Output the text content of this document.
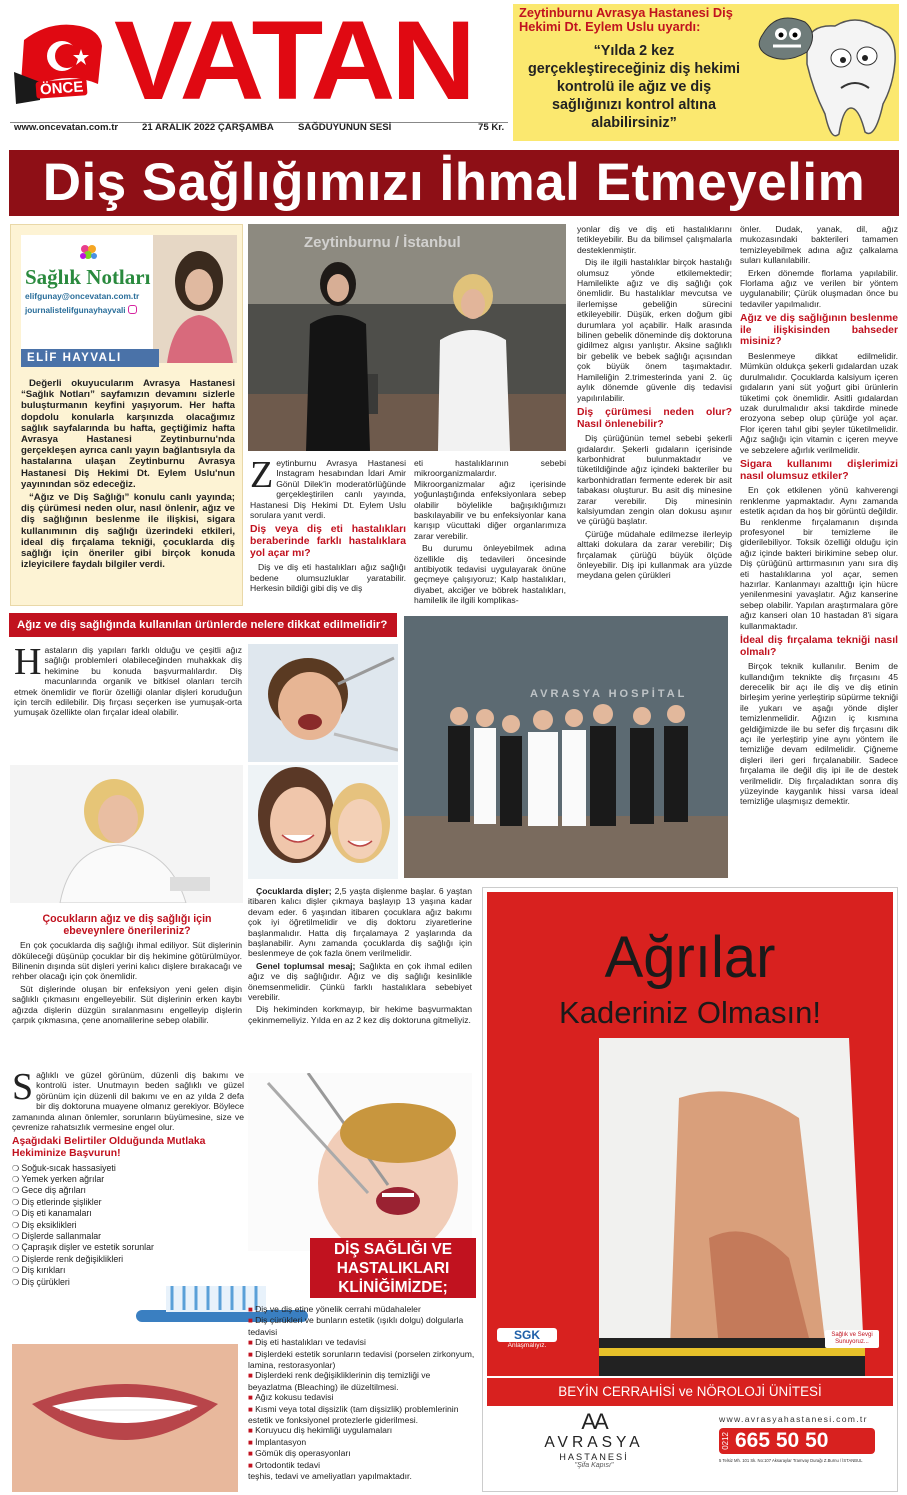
ÖNCE VATAN
www.oncevatan.com.tr 21 ARALIK 2022 ÇARŞAMBA	SAĞDUYUNUN SESİ	75 Kr.
Zeytinburnu Avrasya Hastanesi Diş Hekimi Dt. Eylem Uslu uyardı:
“Yılda 2 kez gerçekleştireceğiniz diş hekimi kontrolü ile ağız ve diş sağlığınızı kontrol altına alabilirsiniz”
Diş Sağlığımızı İhmal Etmeyelim
Sağlık Notları
elifgunay@oncevatan.com.tr
journalistelifgunayhayvali
ELİF HAYVALI

Değerli okuyucularım Avrasya Hastanesi “Sağlık Notları” sayfamızın devamını sizlerle buluşturmanın keyfini yaşıyorum. Her hafta dopdolu konularla karşınızda olacağımız sağlık sayfalarında bu hafta, geçtiğimiz hafta Avrasya Hastanesi Zeytinburnu'nda gerçekleşen ayrıca canlı yayın bağlantısıyla da hastalarına ulaşan Zeytinburnu Avrasya Hastanesi Diş Hekimi Dt. Eylem Uslu'nun yayınından söz edeceğiz.

“Ağız ve Diş Sağlığı” konulu canlı yayında; diş çürümesi neden olur, nasıl önlenir, ağız ve diş sağlığının beslenme ile ilişkisi, sigara kullanımının diş sağlığı üzerindeki etkileri, ideal diş fırçalama tekniği, çocuklarda diş sağlığı için öneriler gibi birçok konuda izleyicilere faydalı bilgiler verdi.

Zeytinburnu / İstanbul
Z eytinburnu Avrasya Hastanesi Instagram hesabından İdari Amir Gönül Dilek'in moderatörlüğünde gerçekleştirilen canlı yayında, Hastanesi Diş Hekimi Dt. Eylem Uslu sorulara yanıt verdi.

Diş veya diş eti hastalıkları beraberinde farklı hastalıklara yol açar mı?

Diş ve diş eti hastalıkları ağız sağlığı bedene olumsuzluklar yaratabilir. Herkesin bildiği gibi diş ve diş

eti hastalıklarının sebebi mikroorganizmalardır. Mikroorganizmalar ağız içerisinde yoğunlaştığında enfeksiyonlara sebep olabilir böylelikle bağışıklığımızı baskılayabilir ve bu enfeksiyonlar kana karışıp vücuttaki diğer organlarımıza zarar verebilir.

Bu durumu önleyebilmek adına özellikle diş tedavileri öncesinde antibiyotik tedavisi uygulayarak önüne geçmeye çalışıyoruz; Kalp hastalıkları, diyabet, akciğer ve böbrek hastalıkları, hamilelik ile ilgili komplikas-

yonlar diş ve diş eti hastalıklarını tetikleyebilir. Bu da bilimsel çalışmalarla desteklenmiştir.

Diş ile ilgili hastalıklar birçok hastalığı olumsuz yönde etkilemektedir; Hamilelikte ağız ve diş sağlığı çok önemlidir. Bu hastalıklar mevcutsa ve ilerlemişse gebeliğin sürecini etkileyebilir. Düşük, erken doğum gibi durumlara yol açabilir. Halk arasında bilinen gebelik döneminde diş doktoruna gidilmez algısı yanlıştır. Aksine sağlıklı bir gebelik ve bebek sağlığı açısından çok büyük önem taşımaktadır. Hamileliğin 2.trimesterinda yani 2. üç aylık dönemde güvenle diş tedavisi yapılırılabilir.

Diş çürümesi neden olur? Nasıl önlenebilir?

Diş çürüğünün temel sebebi şekerli gıdalardır. Şekerli gıdaların içerisinde karbonhidrat bulunmaktadır ve tüketildiğinde ağız içindeki bakteriler bu karbonhidratları fermente ederek bir asit tabakası oluşturur. Bu asit diş minesine zarar verebilir. Diş minesinin kalsiyumdan zengin olan dokusu aşınır ve çürüğü başlatır.

Çürüğe müdahale edilmezse ilerleyip alttaki dokulara da zarar verebilir; Diş fırçalamak çürüğü büyük ölçüde önleyebilir. Diş ipi kullanmak ara yüzde meydana gelen çürükleri

önler. Dudak, yanak, dil, ağız mukozasındaki bakterileri tamamen temizleyebilmek adına ağız çalkalama suları kullanılabilir.

Erken dönemde florlama yapılabilir. Florlama ağız ve verilen bir yöntem uygulanabilir; Çürük oluşmadan önce bu tedaviler yapılmalıdır.

Ağız ve diş sağlığının beslenme ile ilişkisinden bahseder misiniz?

Beslenmeye dikkat edilmelidir. Mümkün oldukça şekerli gıdalardan uzak durulmalıdır. Çocuklarda kalsiyum içeren gıdaların yani süt yoğurt gibi ürünlerin tüketimi çok önemlidir. Asitli gıdalardan uzak durulmalıdır aksi takdirde minede erozyona sebep olup çürüğe yol açar. Flor içeren tahıl gibi şeyler tüketilmelidir. Ağız sağlığı için vitamin c içeren meyve ve sebzelere ağırlık verilmelidir.

Sigara kullanımı dişlerimizi nasıl olumsuz etkiler?

En çok etkilenen yönü kahverengi renklenme yapmaktadır. Aynı zamanda estetik açıdan da hoş bir görüntü değildir. Bu renklenme fırçalamanın dışında profesyonel bir temizleme ile giderilebiliyor. Toksik özelliği olduğu için ağız içinde bakteri birikimine sebep olur. Diş çürüğünü arttırmasının yanı sıra diş eti hastalıklarına yol açar, semen hazırlar. Kanlanmayı azalttığı için hücre yenilenmesini yavaşlatır. Ağız kanserine sebep olabilir. Yapılan araştırmalara göre ağız kanseri olan 10 hastadan 8'i sigara kullanmaktadır.

İdeal diş fırçalama tekniği nasıl olmalı?

Birçok teknik kullanılır. Benim de kullandığım teknikte diş fırçasını 45 derecelik bir açı ile diş ve diş etinin birleşim yerine yerleştirip süpürme tekniği ile yukarı ve aşağı yönde dişler temizlenmelidir. Ağızın iç kısmına geldiğimizde ile bu sefer diş fırçasını dik açı ile yerleştirip yine aynı yöntem ile temizliğe devam edilmelidir. Çiğneme dişleri ileri geri fırçalanabilir. Sadece fırçalama ile değil diş ipi ile de destek verilmelidir. Diş fırçaladıktan sonra diş yüzeyinde kayganlık hissi varsa ideal temizliğe ulaşmışız demektir.

Ağız ve diş sağlığında kullanılan ürünlerde nelere dikkat edilmelidir?
H astaların diş yapıları farklı olduğu ve çeşitli ağız sağlığı problemleri olabileceğinden muhakkak diş hekimine bu konuda başvurmalılardır. Diş macunlarında organik ve bitkisel olanları tercih etmek önemlidir ve florür özelliği olanlar dişleri koruduğun için tercih edilebilir. Diş fırçası seçerken ise yumuşak-orta yumuşak özellikte olan fırçalar ideal olabilir.

AVRASYA HOSPİTAL
Çocukların ağız ve diş sağlığı için ebeveynlere önerileriniz?

En çok çocuklarda diş sağlığı ihmal ediliyor. Süt dişlerinin döküleceği düşünüp çocuklar bir diş hekimine götürülmüyor. Bilinenin dışında süt dişleri yerini kalıcı dişlere bırakacağı ve rehber olacağı için çok önemlidir.

Süt dişlerinde oluşan bir enfeksiyon yeni gelen dişin sağlıklı çıkmasını engelleyebilir. Süt dişlerinin erken kaybı ağızda dişlerin düzgün sıralanmasını engelleyip dişlerin çarpık çıkmasına, çene anomalilerine sebep olabilir.

Çocuklarda dişler; 2,5 yaşta dişlenme başlar. 6 yaştan itibaren kalıcı dişler çıkmaya başlayıp 13 yaşına kadar devam eder. 6 yaşından itibaren çocuklara ağız bakımı çok iyi öğretilmelidir ve diş doktoru ziyaretlerine başlanmalıdır. Hatta diş fırçalamaya 2 yaşlarında da başlanabilir. Aynı zamanda çocuklarda diş sağlığı için beslenmeye de çok fazla önem verilmelidir.

Genel toplumsal mesaj; Sağlıkta en çok ihmal edilen ağız ve diş sağlığıdır. Ağız ve diş sağlığı kesinlikle önemsenmelidir. Çünkü farklı hastalıklara sebebiyet verebilir.

Diş hekiminden korkmayıp, bir hekime başvurmaktan çekinmemeliyiz. Yılda en az 2 kez diş doktoruna gitmeliyiz.

S ağlıklı ve güzel görünüm, düzenli diş bakımı ve kontrolü ister. Unutmayın beden sağlıklı ve güzel görünüm için düzenli dil bakımı ve en az yılda 2 defa bir diş doktoruna muayene olmanız gerekiyor. Böylece zamanında alınan önlemler, sorunların büyümesine, size ve çevrenize rahatsızlık vermesine engel olur.

Aşağıdaki Belirtiler Olduğunda Mutlaka Hekiminize Başvurun!
❍ Soğuk-sıcak hassasiyeti
❍ Yemek yerken ağrılar
❍ Gece diş ağrıları
❍ Diş etlerinde şişlikler
❍ Diş eti kanamaları
❍ Diş eksiklikleri
❍ Dişlerde sallanmalar
❍ Çapraşık dişler ve estetik sorunlar
❍ Dişlerde renk değişiklikleri
❍ Diş kırıkları
❍ Diş çürükleri
DİŞ SAĞLIĞI VE HASTALIKLARI KLİNİĞİMİZDE;
■ Diş ve diş etine yönelik cerrahi müdahaleler
■ Diş çürükleri ve bunların estetik (ışıklı dolgu) dolgularla tedavisi
■ Diş eti hastalıkları ve tedavisi
■ Dişlerdeki estetik sorunların tedavisi (porselen zirkonyum, lamina, restorasyonlar)
■ Dişlerdeki renk değişikliklerinin diş temizliği ve beyazlatma (Bleaching) ile düzeltilmesi.
■ Ağız kokusu tedavisi
■ Kısmi veya total dişsizlik (tam dişsizlik) problemlerinin estetik ve fonksiyonel protezlerle giderilmesi.
■ Koruyucu diş hekimliği uygulamaları
■ İmplantasyon
■ Gömük diş operasyonları
■ Ortodontik tedavi
teşhis, tedavi ve ameliyatları yapılmaktadır.
Ağrılar
Kaderiniz Olmasın!
SGK
Anlaşmalıyız.
Sağlık ve Sevgi Sunuyoruz...
BEYİN CERRAHİSİ ve NÖROLOJİ ÜNİTESİ
AA
AVRASYA
HASTANESİ
"Şifa Kapısı"
www.avrasyahastanesi.com.tr
0212 665 50 50
5 Telsiz Mh. 101 Sk. No:107 Aksaraylar Tramvay Durağı Z.Burnu / İSTANBUL
